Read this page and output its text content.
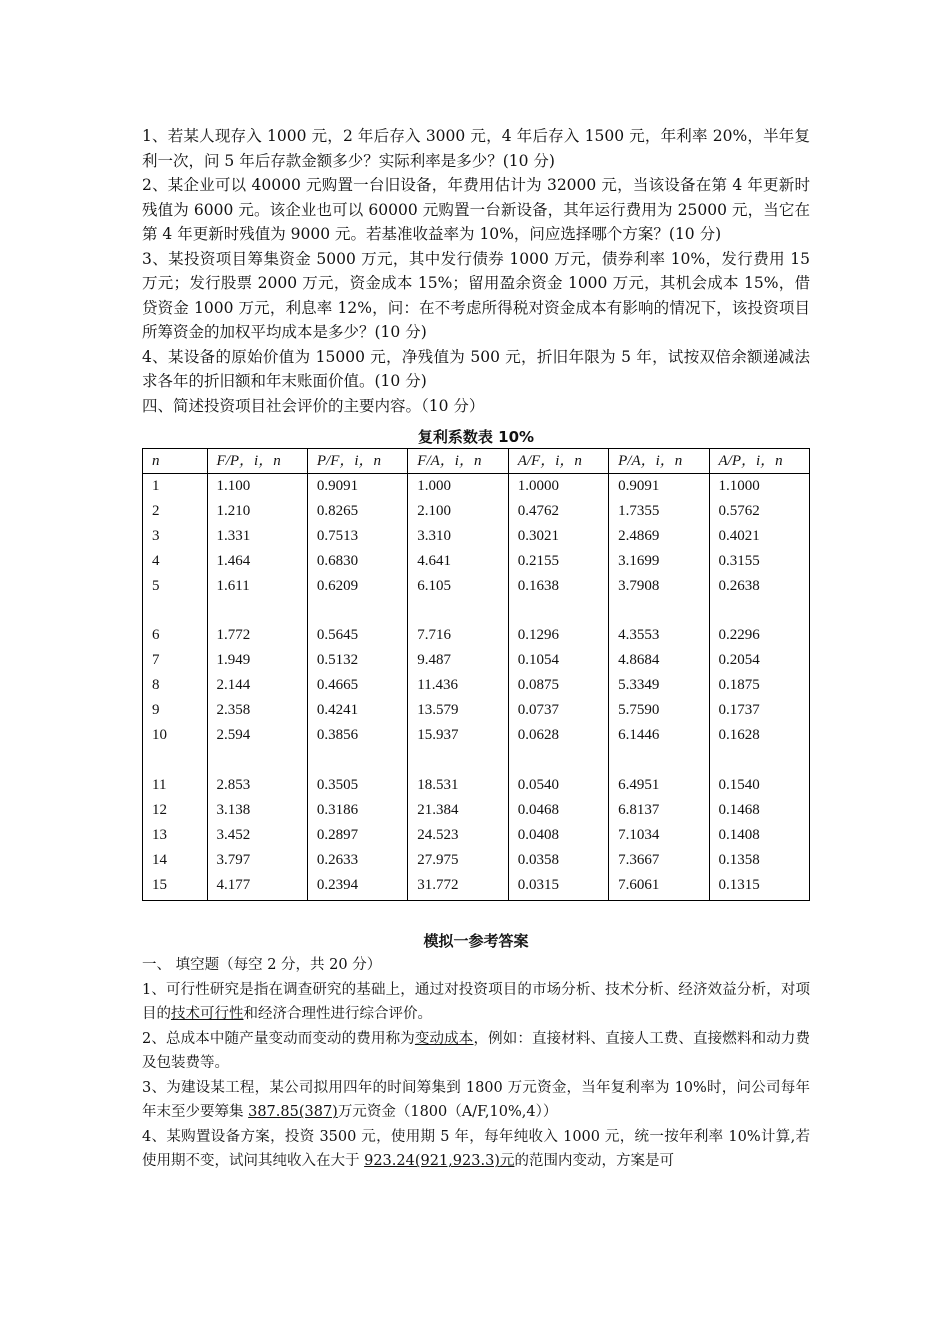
1、若某人现存入 1000 元，2 年后存入 3000 元，4 年后存入 1500 元，年利率 20%，半年复利一次，问 5 年后存款金额多少？实际利率是多少？(10 分)

2、某企业可以 40000 元购置一台旧设备，年费用估计为 32000 元，当该设备在第 4 年更新时残值为 6000 元。该企业也可以 60000 元购置一台新设备，其年运行费用为 25000 元，当它在第 4 年更新时残值为 9000 元。若基准收益率为 10%，问应选择哪个方案？(10 分)

3、某投资项目筹集资金 5000 万元，其中发行债券 1000 万元，债券利率 10%，发行费用 15 万元；发行股票 2000 万元，资金成本 15%；留用盈余资金 1000 万元，其机会成本 15%，借贷资金 1000 万元，利息率 12%，问：在不考虑所得税对资金成本有影响的情况下，该投资项目所筹资金的加权平均成本是多少？(10 分)

4、某设备的原始价值为 15000 元，净残值为 500 元，折旧年限为 5 年，试按双倍余额递减法求各年的折旧额和年末账面价值。(10 分)

四、简述投资项目社会评价的主要内容。（10 分）

复利系数表 10%
n	F/P，i，n	P/F，i，n	F/A，i，n	A/F，i，n	P/A，i，n	A/P，i，n
1	1.100	0.9091	1.000	1.0000	0.9091	1.1000
2	1.210	0.8265	2.100	0.4762	1.7355	0.5762
3	1.331	0.7513	3.310	0.3021	2.4869	0.4021
4	1.464	0.6830	4.641	0.2155	3.1699	0.3155
5	1.611	0.6209	6.105	0.1638	3.7908	0.2638

6	1.772	0.5645	7.716	0.1296	4.3553	0.2296
7	1.949	0.5132	9.487	0.1054	4.8684	0.2054
8	2.144	0.4665	11.436	0.0875	5.3349	0.1875
9	2.358	0.4241	13.579	0.0737	5.7590	0.1737
10	2.594	0.3856	15.937	0.0628	6.1446	0.1628

11	2.853	0.3505	18.531	0.0540	6.4951	0.1540
12	3.138	0.3186	21.384	0.0468	6.8137	0.1468
13	3.452	0.2897	24.523	0.0408	7.1034	0.1408
14	3.797	0.2633	27.975	0.0358	7.3667	0.1358
15	4.177	0.2394	31.772	0.0315	7.6061	0.1315
模拟一参考答案

一、 填空题（每空 2 分，共 20 分）

1、可行性研究是指在调查研究的基础上，通过对投资项目的市场分析、技术分析、经济效益分析，对项目的技术可行性和经济合理性进行综合评价。

2、总成本中随产量变动而变动的费用称为变动成本，例如：直接材料、直接人工费、直接燃料和动力费及包装费等。

3、为建设某工程，某公司拟用四年的时间筹集到 1800 万元资金，当年复利率为 10%时，问公司每年年末至少要筹集 387.85(387)万元资金（1800（A/F,10%,4））

4、某购置设备方案，投资 3500 元，使用期 5 年，每年纯收入 1000 元，统一按年利率 10%计算,若使用期不变，试问其纯收入在大于 923.24(921,923.3)元的范围内变动，方案是可
